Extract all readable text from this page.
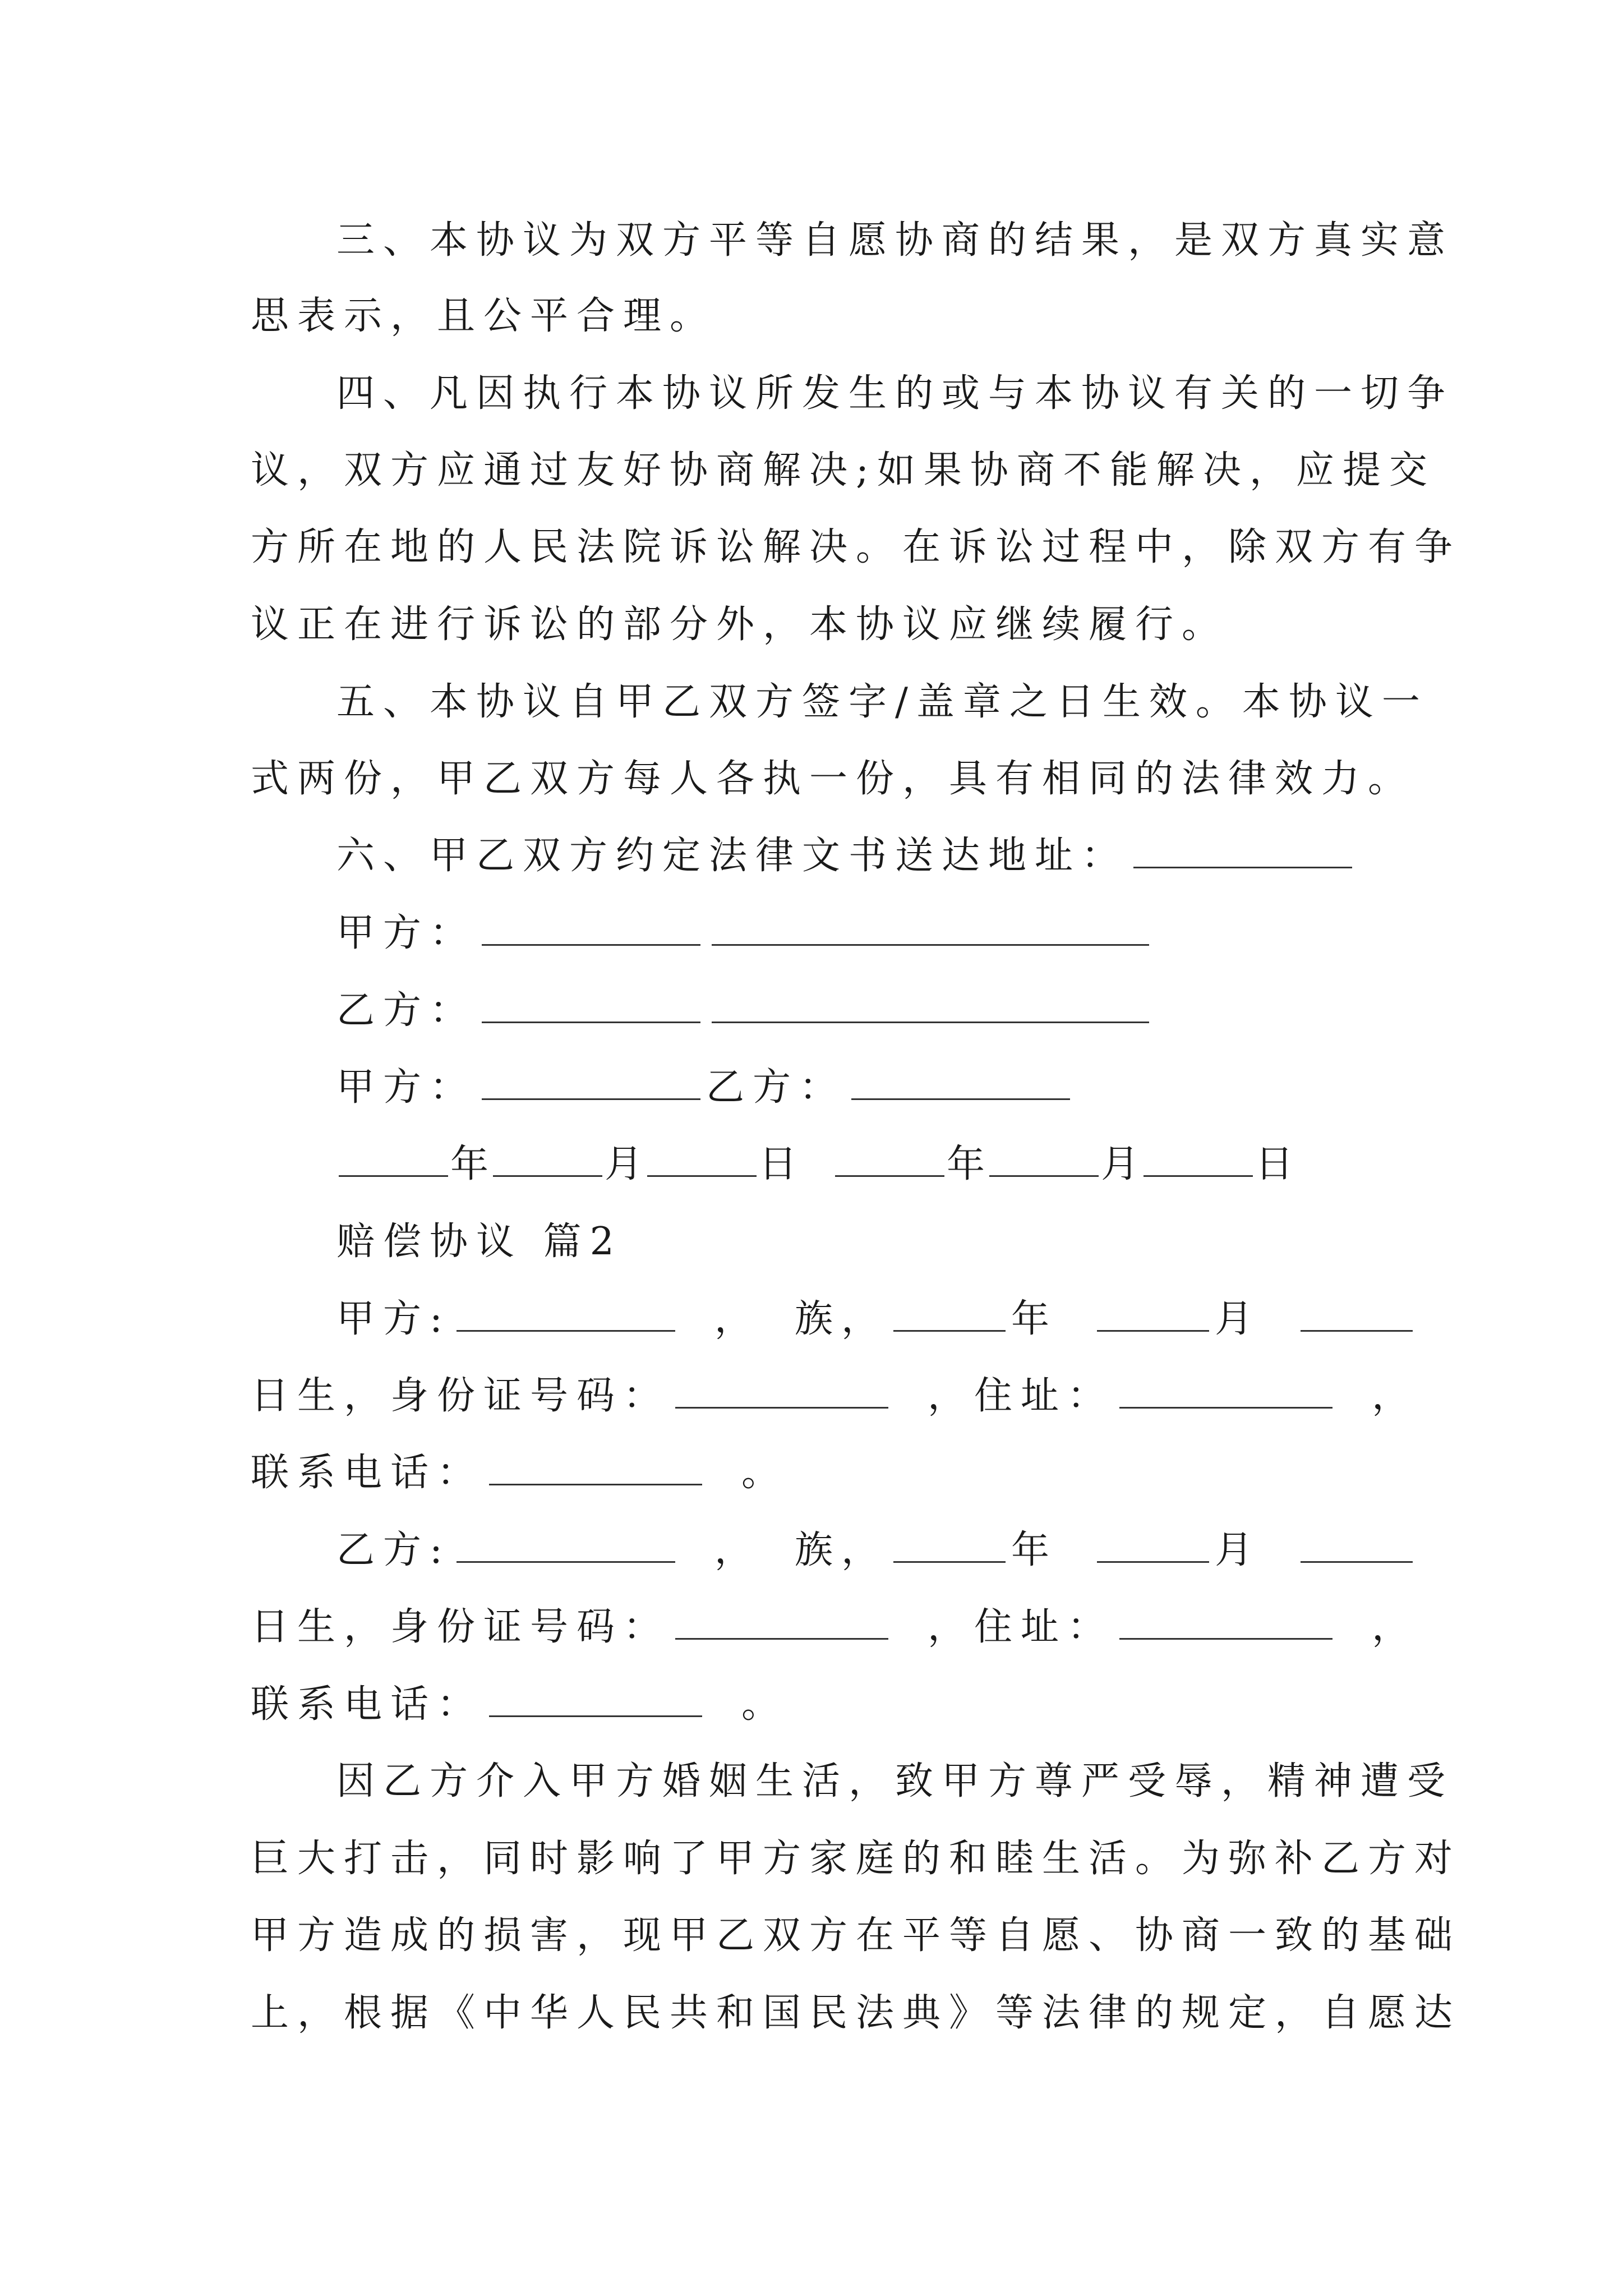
三、本协议为双方平等自愿协商的结果，是双方真实意
思表示，且公平合理。
四、凡因执行本协议所发生的或与本协议有关的一切争
议，双方应通过友好协商解决;如果协商不能解决，应提交
方所在地的人民法院诉讼解决。在诉讼过程中，除双方有争
议正在进行诉讼的部分外，本协议应继续履行。
五、本协议自甲乙双方签字/盖章之日生效。本协议一
式两份，甲乙双方每人各执一份，具有相同的法律效力。
六、甲乙双方约定法律文书送达地址：
甲方：
乙方：
甲方：	乙方：
年	月	日	年	月	日
赔偿协议 篇2
甲方:	， 族，	年	月
日生，身份证号码：	，住址：	，
联系电话：	。
乙方:	， 族，	年	月
日生，身份证号码：	，住址：	，
联系电话：	。
因乙方介入甲方婚姻生活，致甲方尊严受辱，精神遭受
巨大打击，同时影响了甲方家庭的和睦生活。为弥补乙方对
甲方造成的损害，现甲乙双方在平等自愿、协商一致的基础
上，根据《中华人民共和国民法典》等法律的规定，自愿达
